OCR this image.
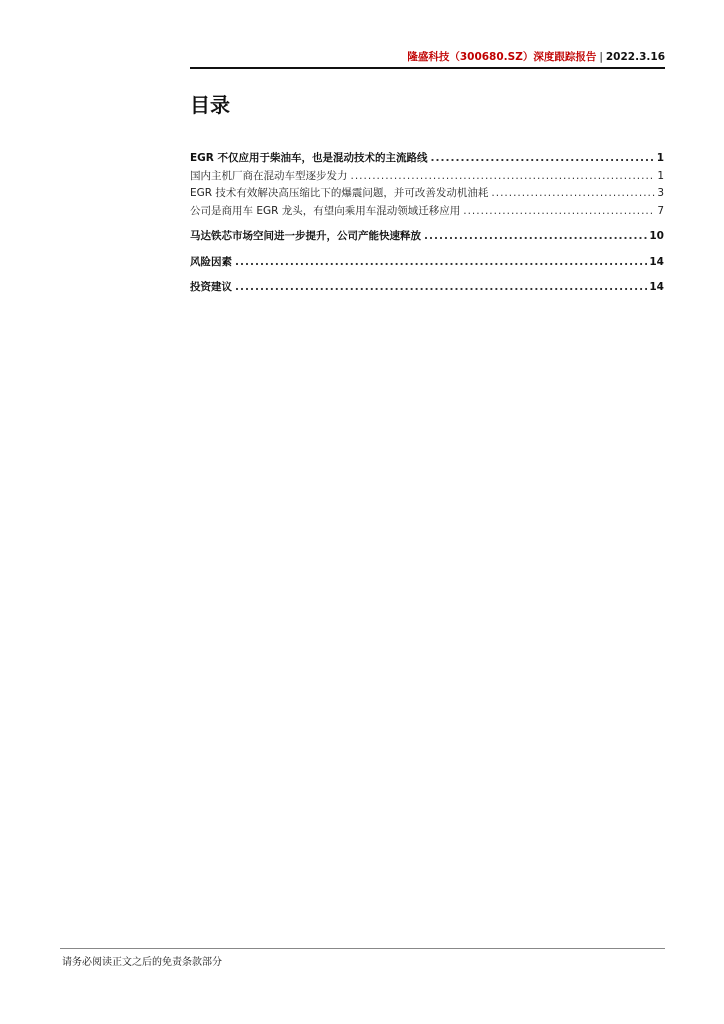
隆盛科技（300680.SZ）深度跟踪报告 | 2022.3.16
目录
EGR 不仅应用于柴油车，也是混动技术的主流路线 .....	1
国内主机厂商在混动车型逐步发力 .....	1
EGR 技术有效解决高压缩比下的爆震问题，并可改善发动机油耗 .....	3
公司是商用车 EGR 龙头，有望向乘用车混动领域迁移应用 .....	7
马达铁芯市场空间进一步提升，公司产能快速释放 .....	10
风险因素 .....	14
投资建议 .....	14
请务必阅读正文之后的免责条款部分
